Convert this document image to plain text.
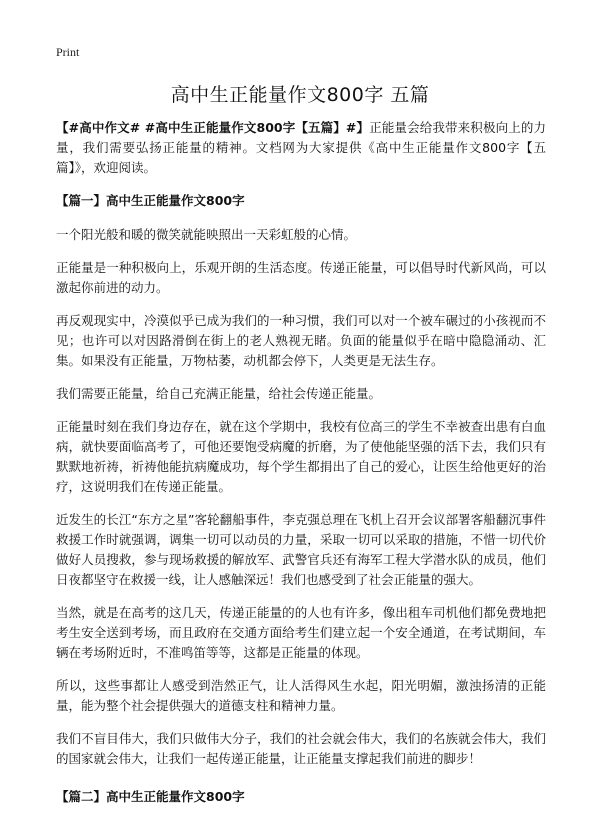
Print
高中生正能量作文800字 五篇

【#高中作文# #高中生正能量作文800字【五篇】#】正能量会给我带来积极向上的力量，我们需要弘扬正能量的精神。文档网为大家提供《高中生正能量作文800字【五篇】》，欢迎阅读。

【篇一】高中生正能量作文800字

一个阳光般和暖的微笑就能映照出一天彩虹般的心情。

正能量是一种积极向上，乐观开朗的生活态度。传递正能量，可以倡导时代新风尚，可以激起你前进的动力。

再反观现实中，冷漠似乎已成为我们的一种习惯，我们可以对一个被车碾过的小孩视而不见；也许可以对因路滑倒在街上的老人熟视无睹。负面的能量似乎在暗中隐隐涌动、汇集。如果没有正能量，万物枯萎，动机都会停下，人类更是无法生存。

我们需要正能量，给自己充满正能量，给社会传递正能量。

正能量时刻在我们身边存在，就在这个学期中，我校有位高三的学生不幸被查出患有白血病，就快要面临高考了，可他还要饱受病魔的折磨，为了使他能坚强的活下去，我们只有默默地祈祷，祈祷他能抗病魔成功，每个学生都捐出了自己的爱心，让医生给他更好的治疗，这说明我们在传递正能量。

近发生的长江“东方之星”客轮翻船事件，李克强总理在飞机上召开会议部署客船翻沉事件救援工作时就强调，调集一切可以动员的力量，采取一切可以采取的措施，不惜一切代价做好人员搜救，参与现场救援的解放军、武警官兵还有海军工程大学潜水队的成员，他们日夜都坚守在救援一线，让人感触深远！我们也感受到了社会正能量的强大。

当然，就是在高考的这几天，传递正能量的的人也有许多，像出租车司机他们都免费地把考生安全送到考场，而且政府在交通方面给考生们建立起一个安全通道，在考试期间，车辆在考场附近时，不准鸣笛等等，这都是正能量的体现。

所以，这些事都让人感受到浩然正气，让人活得风生水起，阳光明媚，激浊扬清的正能量，能为整个社会提供强大的道德支柱和精神力量。

我们不盲目伟大，我们只做伟大分子，我们的社会就会伟大，我们的名族就会伟大，我们的国家就会伟大，让我们一起传递正能量，让正能量支撑起我们前进的脚步！

【篇二】高中生正能量作文800字
